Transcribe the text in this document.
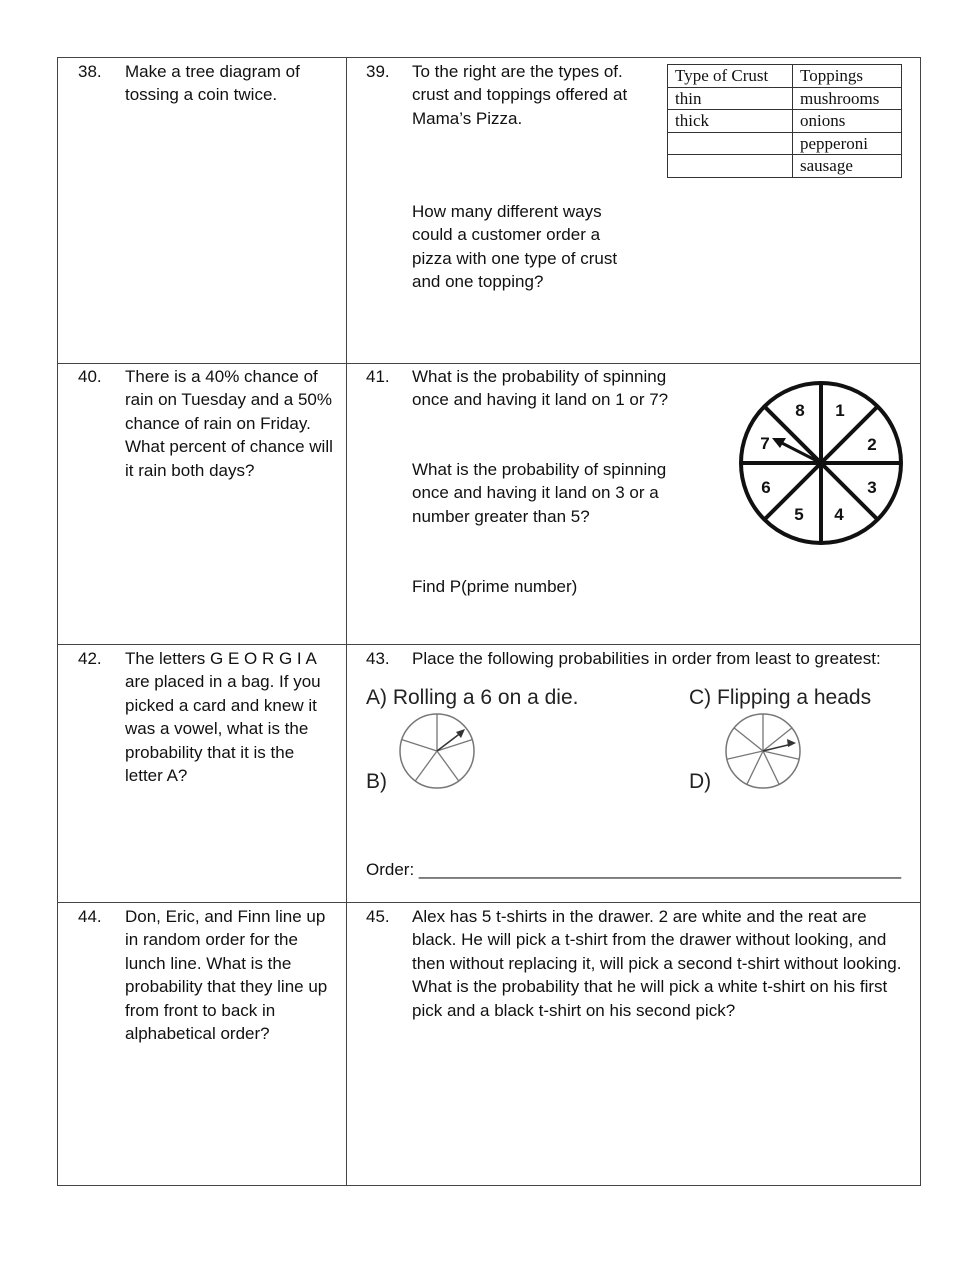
38. Make a tree diagram of tossing a coin twice.
39. To the right are the types of. crust and toppings offered at Mama’s Pizza.
Type of Crust	Toppings
thin	mushrooms
thick	onions
	pepperoni
	sausage
How many different ways could a customer order a pizza with one type of crust and one topping?
40. There is a 40% chance of rain on Tuesday and a 50% chance of rain on Friday. What percent of chance will it rain both days?
41. What is the probability of spinning once and having it land on 1 or 7?
What is the probability of spinning once and having it land on 3 or a number greater than 5?
Find P(prime number)
1
2
3
4
5
6
7
8
42. The letters G E O R G I A are placed in a bag. If you picked a card and knew it was a vowel, what is the probability that it is the letter A?
43. Place the following probabilities in order from least to greatest:
A) Rolling a 6 on a die.
B)
C) Flipping a heads
D)
Order: ___________________________________________________
44. Don, Eric, and Finn line up in random order for the lunch line. What is the probability that they line up from front to back in alphabetical order?
45. Alex has 5 t-shirts in the drawer. 2 are white and the reat are black. He will pick a t-shirt from the drawer without looking, and then without replacing it, will pick a second t-shirt without looking. What is the probability that he will pick a white t-shirt on his first pick and a black t-shirt on his second pick?
